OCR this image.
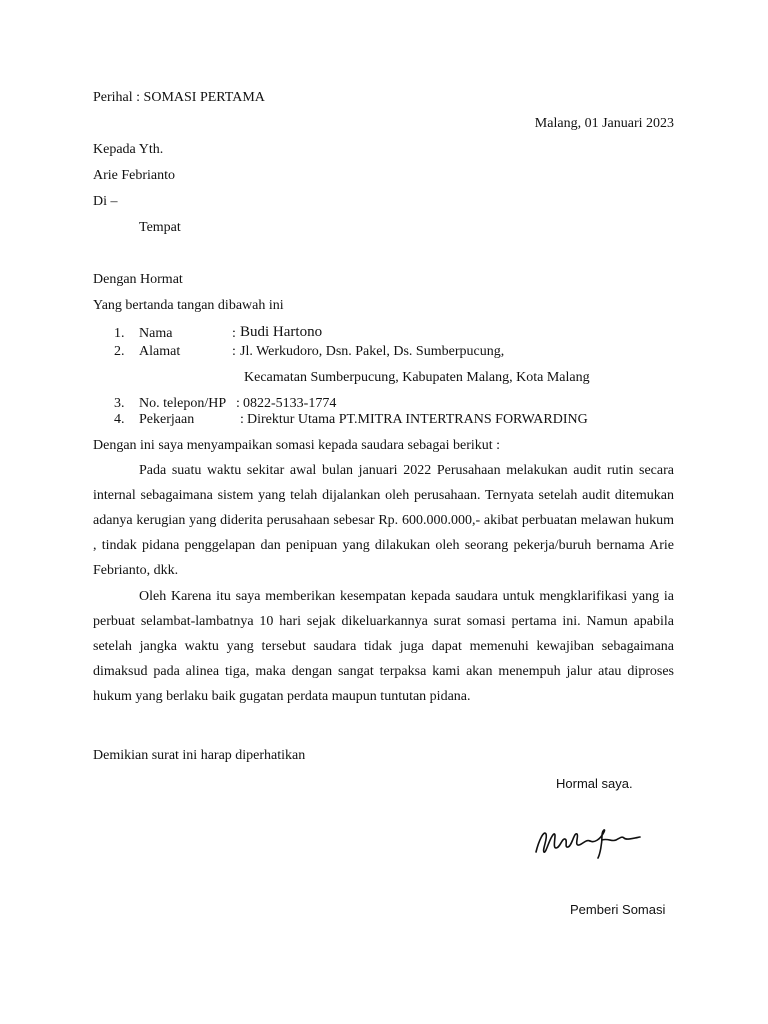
Perihal : SOMASI PERTAMA
Malang, 01 Januari 2023
Kepada Yth.
Arie Febrianto
Di –
Tempat
Dengan Hormat
Yang bertanda tangan dibawah ini
1.	Nama	: Budi Hartono
2.	Alamat	: Jl. Werkudoro, Dsn. Pakel, Ds. Sumberpucung,
Kecamatan Sumberpucung, Kabupaten Malang, Kota Malang
3.	No. telepon/HP : 0822-5133-1774
4.	Pekerjaan	: Direktur Utama PT.MITRA INTERTRANS FORWARDING
Dengan ini saya menyampaikan somasi kepada saudara sebagai berikut :

Pada suatu waktu sekitar awal bulan januari 2022 Perusahaan melakukan audit rutin secara internal sebagaimana sistem yang telah dijalankan oleh perusahaan. Ternyata setelah audit ditemukan adanya kerugian yang diderita perusahaan sebesar Rp. 600.000.000,- akibat perbuatan melawan hukum , tindak pidana penggelapan dan penipuan yang dilakukan oleh seorang pekerja/buruh bernama Arie Febrianto, dkk.

Oleh Karena itu saya memberikan kesempatan kepada saudara untuk mengklarifikasi yang ia perbuat selambat-lambatnya 10 hari sejak dikeluarkannya surat somasi pertama ini. Namun apabila setelah jangka waktu yang tersebut saudara tidak juga dapat memenuhi kewajiban sebagaimana dimaksud pada alinea tiga, maka dengan sangat terpaksa kami akan menempuh jalur atau diproses hukum yang berlaku baik gugatan perdata maupun tuntutan pidana.

Demikian surat ini harap diperhatikan
Hormal saya.
Pemberi Somasi
